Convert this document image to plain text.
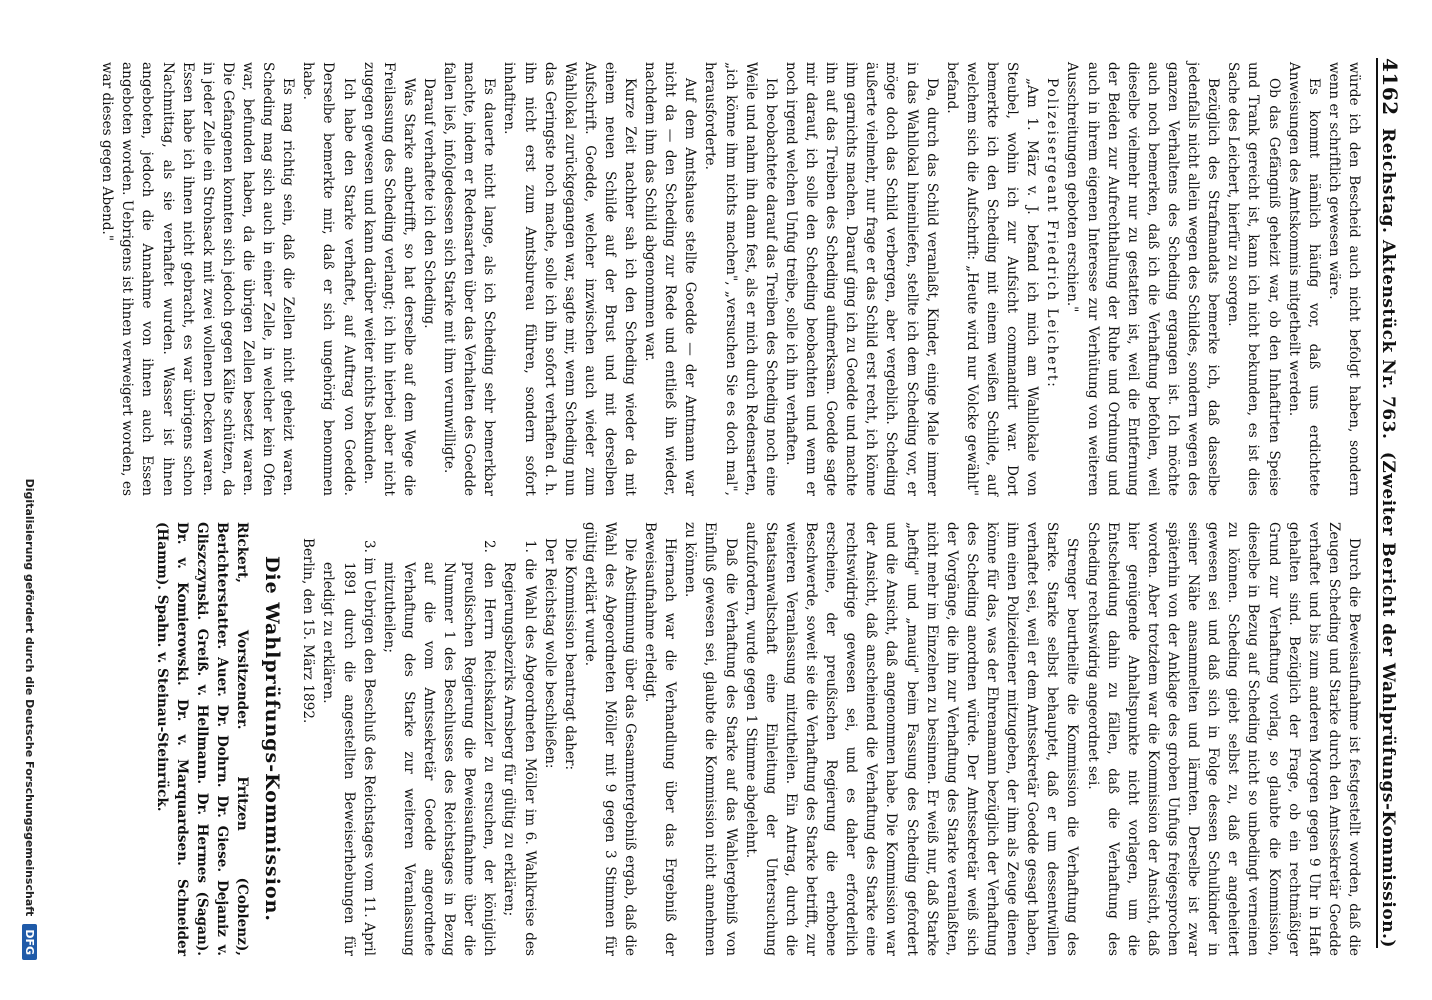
4162
Reichstag. Aktenstück Nr. 763.
(Zweiter Bericht der Wahlprüfungs-Kommission.)

würde ich den Bescheid auch nicht befolgt haben, sondern wenn er schriftlich gewesen wäre.

Es kommt nämlich häufig vor, daß uns erdichtete Anweisungen des Amtskommis mitgetheilt werden.

Ob das Gefängniß geheizt war, ob den Inhaftirten Speise und Trank gereicht ist, kann ich nicht bekunden, es ist dies Sache des Leichert, hierfür zu sorgen.

Bezüglich des Strafmandats bemerke ich, daß dasselbe jedenfalls nicht allein wegen des Schildes, sondern wegen des ganzen Verhaltens des Scheding ergangen ist. Ich möchte auch noch bemerken, daß ich die Verhaftung befohlen, weil dieselbe vielmehr nur zu gestatten ist, weil die Entfernung der Beiden zur Aufrechthaltung der Ruhe und Ordnung und auch in ihrem eigenen Interesse zur Verhütung von weiteren Ausschreitungen geboten erschien."

Polizeisergeant Friedrich Leichert:

„Am 1. März v. J. befand ich mich am Wahllokale von Steubel, wohin ich zur Aufsicht commandirt war. Dort bemerkte ich den Scheding mit einem weißen Schilde, auf welchem sich die Aufschrift: „Heute wird nur Volcke gewählt" befand.

Da, durch das Schild veranlaßt, Kinder, einige Male immer in das Wahllokal hineinliefen, stellte ich dem Scheding vor, er möge doch das Schild verbergen, aber vergeblich. Scheding äußerte vielmehr, nur frage er das Schild erst recht, ich könne ihm garnichts machen. Darauf ging ich zu Goedde und machte ihn auf das Treiben des Scheding aufmerksam. Goedde sagte mir darauf, ich solle den Scheding beobachten und wenn er noch irgend welchen Unfug treibe, solle ich ihn verhaften.

Ich beobachtete darauf das Treiben des Scheding noch eine Weile und nahm ihn dann fest, als er mich durch Redensarten, „ich könne ihm nichts machen", „versuchen Sie es doch mal", herausforderte.

Auf dem Amtshause stellte Goedde — der Amtmann war nicht da — den Scheding zur Rede und entließ ihn wieder, nachdem ihm das Schild abgenommen war.

Kurze Zeit nachher sah ich den Scheding wieder da mit einem neuen Schilde auf der Brust und mit derselben Aufschrift. Goedde, welcher inzwischen auch wieder zum Wahllokal zurückgegangen war, sagte mir, wenn Scheding nun das Geringste noch mache, solle ich ihn sofort verhaften d. h. ihn nicht erst zum Amtsbureau führen, sondern sofort inhaftiren.

Es dauerte nicht lange, als ich Scheding sehr bemerkbar machte, indem er Redensarten über das Verhalten des Goedde fallen ließ, infolgedessen sich Starke mit ihm verunwilligte.

Darauf verhaftete ich den Scheding.

Was Starke anbetrifft, so hat derselbe auf dem Wege die Freilassung des Scheding verlangt; ich hin hierbei aber nicht zugegen gewesen und kann darüber weiter nichts bekunden.

Ich habe den Starke verhaftet, auf Auftrag von Goedde. Derselbe bemerkte mir, daß er sich ungehörig benommen habe.

Es mag richtig sein, daß die Zellen nicht geheizt waren. Scheding mag sich auch in einer Zelle, in welcher kein Ofen war, befunden haben, da die übrigen Zellen besetzt waren. Die Gefangenen konnten sich jedoch gegen Kälte schützen, da in jeder Zelle ein Strohsack mit zwei wollenen Decken waren. Essen habe ich ihnen nicht gebracht, es war übrigens schon Nachmittag, als sie verhaftet wurden. Wasser ist ihnen angeboten, jedoch die Annahme von ihnen auch Essen angeboten worden. Uebrigens ist ihnen verweigert worden, es war dieses gegen Abend."

Durch die Beweisaufnahme ist festgestellt worden, daß die Zeugen Scheding und Starke durch den Amtssekretär Goedde verhaftet und bis zum anderen Morgen gegen 9 Uhr in Haft gehalten sind. Bezüglich der Frage, ob ein rechtmäßiger Grund zur Verhaftung vorlag, so glaubte die Kommission, dieselbe in Bezug auf Scheding nicht so unbedingt verneinen zu können. Scheding giebt selbst zu, daß er angeheitert gewesen sei und daß sich in Folge dessen Schulkinder in seiner Nähe ansammelten und lärmten. Derselbe ist zwar späterhin von der Anklage des groben Unfugs freigesprochen worden. Aber trotzdem war die Kommission der Ansicht, daß hier genügende Anhaltspunkte nicht vorlagen, um die Entscheidung dahin zu fällen, daß die Verhaftung des Scheding rechtswidrig angeordnet sei.

Strenger beurtheilte die Kommission die Verhaftung des Starke. Starke selbst behauptet, daß er um dessentwillen verhaftet sei, weil er dem Amtssekretär Goedde gesagt haben, ihm einen Polizeidiener mitzugeben, der ihm als Zeuge dienen könne für das, was der Ehrenamann bezüglich der Verhaftung des Scheding anordnen würde. Der Amtssekretär weiß sich der Vorgänge, die ihn zur Verhaftung des Starke veranlaßten, nicht mehr im Einzelnen zu besinnen. Er weiß nur, daß Starke „heftig" und „mauig" beim Fassung des Scheding gefordert und die Ansicht, daß angenommen habe. Die Kommission war der Ansicht, daß anscheinend die Verhaftung des Starke eine rechtswidrige gewesen sei, und es daher erforderlich erscheine, der preußischen Regierung die erhobene Beschwerde, soweit sie die Verhaftung des Starke betrifft, zur weiteren Veranlassung mitzutheilen. Ein Antrag, durch die Staatsanwaltschaft eine Einleitung der Untersuchung aufzufordern, wurde gegen 1 Stimme abgelehnt.

Daß die Verhaftung des Starke auf das Wahlergebniß von Einfluß gewesen sei, glaubte die Kommission nicht annehmen zu können.

Hiernach war die Verhandlung über das Ergebniß der Beweisaufnahme erledigt.

Die Abstimmung über das Gesammtergebniß ergab, daß die Wahl des Abgeordneten Möller mit 9 gegen 3 Stimmen für gültig erklärt wurde.

Die Kommission beantragt daher:

Der Reichstag wolle beschließen:

1. die Wahl des Abgeordneten Möller im 6. Wahlkreise des Regierungsbezirks Arnsberg für gültig zu erklären;

2. den Herrn Reichskanzler zu ersuchen, der königlich preußischen Regierung die Beweisaufnahme über die Nummer 1 des Beschlusses des Reichstages in Bezug auf die vom Amtssekretär Goedde angeordnete Verhaftung des Starke zur weiteren Veranlassung mitzutheilen;

3. im Uebrigen den Beschluß des Reichstages vom 11. April 1891 durch die angestellten Beweiserhebungen für erledigt zu erklären.

Berlin, den 15. März 1892.

Die Wahlprüfungs-Kommission.

Rickert, Vorsitzender. Fritzen (Coblenz), Berichterstatter. Auer. Dr. Dohrn. Dr. Giese. Dejaniz v. Gliszczynski. Greiß. v. Hellmann. Dr. Hermes (Sagan). Dr. v. Komierowski. Dr. v. Marquardsen. Schneider (Hamm). Spahn. v. Steinau-Steinrück.

Digitalisierung gefördert durch die Deutsche Forschungsgemeinschaft
DFG
